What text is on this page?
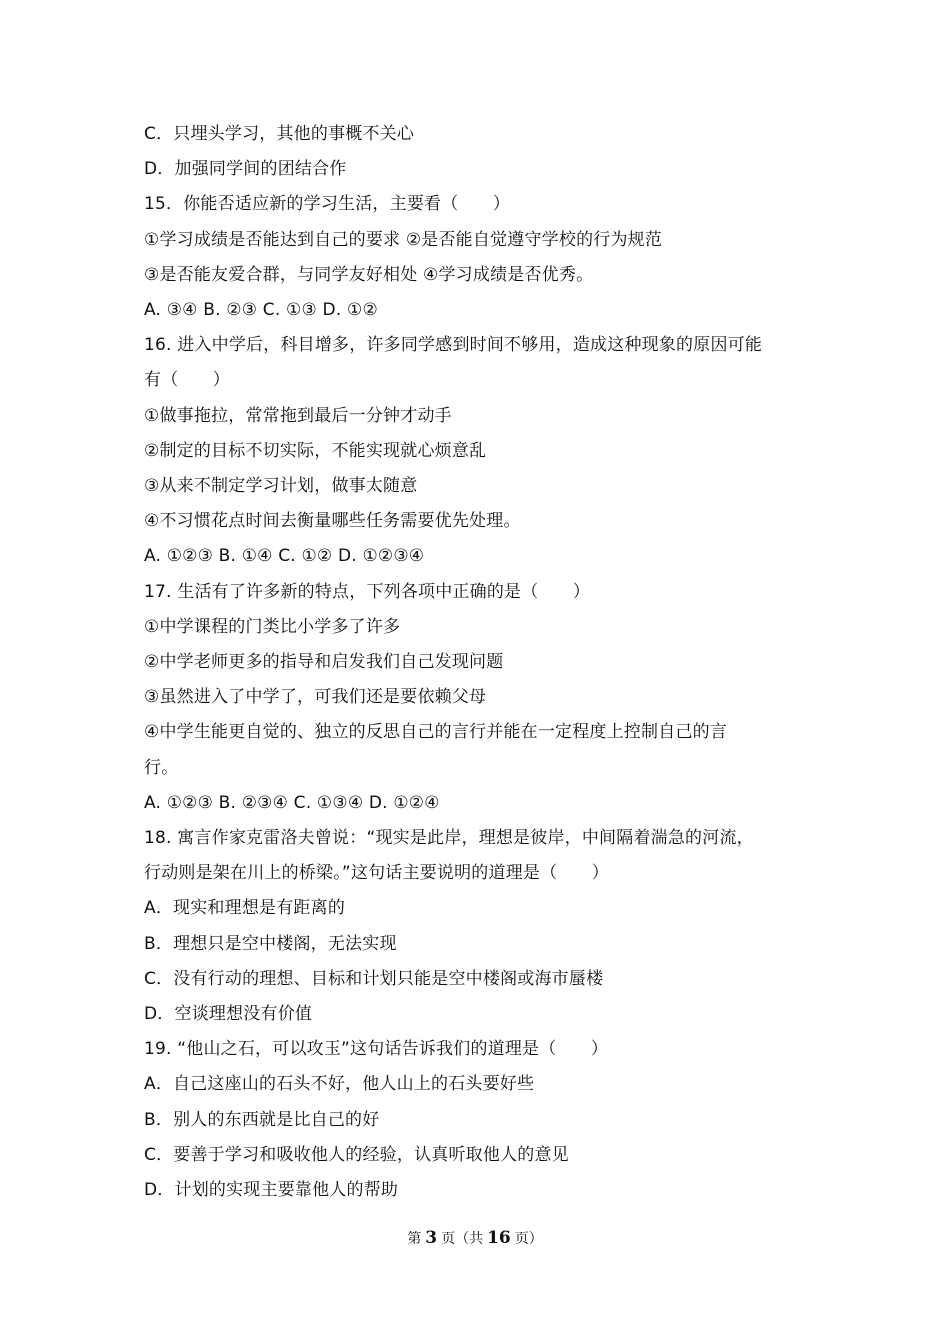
C．只埋头学习，其他的事概不关心
D．加强同学间的团结合作
15．你能否适应新的学习生活，主要看（　　）
①学习成绩是否能达到自己的要求 ②是否能自觉遵守学校的行为规范
③是否能友爱合群，与同学友好相处 ④学习成绩是否优秀。
A. ③④ B. ②③ C. ①③ D. ①②
16. 进入中学后，科目增多，许多同学感到时间不够用，造成这种现象的原因可能
有（　　）
①做事拖拉，常常拖到最后一分钟才动手
②制定的目标不切实际，不能实现就心烦意乱
③从来不制定学习计划，做事太随意
④不习惯花点时间去衡量哪些任务需要优先处理。
A. ①②③ B. ①④ C. ①② D. ①②③④
17. 生活有了许多新的特点，下列各项中正确的是（　　）
①中学课程的门类比小学多了许多
②中学老师更多的指导和启发我们自己发现问题
③虽然进入了中学了，可我们还是要依赖父母
④中学生能更自觉的、独立的反思自己的言行并能在一定程度上控制自己的言
行。
A. ①②③ B. ②③④ C. ①③④ D. ①②④
18. 寓言作家克雷洛夫曾说：“现实是此岸，理想是彼岸，中间隔着湍急的河流，
行动则是架在川上的桥梁。”这句话主要说明的道理是（　　）
A．现实和理想是有距离的
B．理想只是空中楼阁，无法实现
C．没有行动的理想、目标和计划只能是空中楼阁或海市蜃楼
D．空谈理想没有价值
19. “他山之石，可以攻玉”这句话告诉我们的道理是（　　）
A．自己这座山的石头不好，他人山上的石头要好些
B．别人的东西就是比自己的好
C．要善于学习和吸收他人的经验，认真听取他人的意见
D．计划的实现主要靠他人的帮助
第 3 页（共 16 页）
